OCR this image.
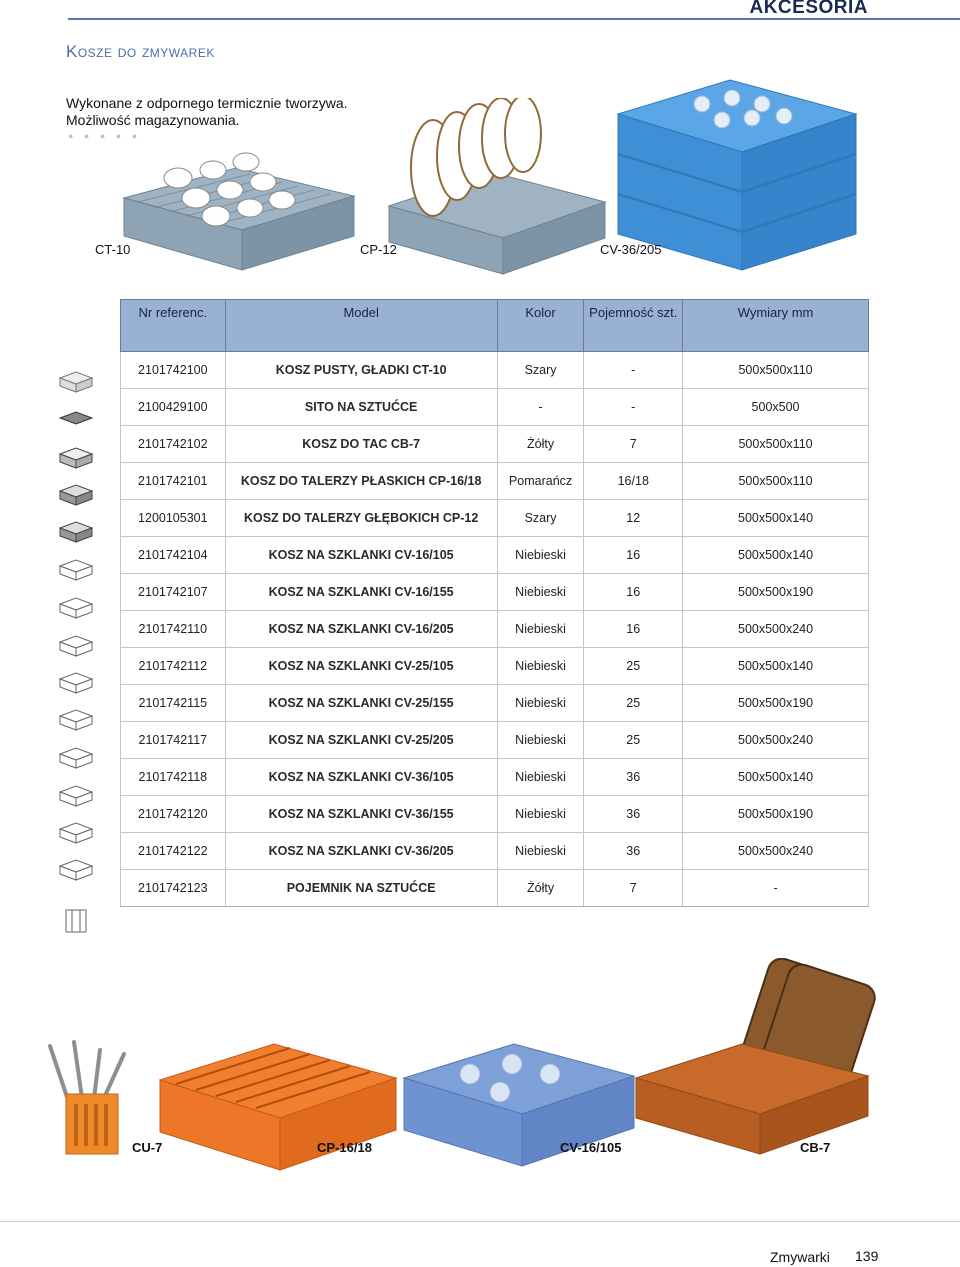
AKCESORIA
Kosze do zmywarek
Wykonane z odpornego termicznie tworzywa.
Możliwość magazynowania.
● ● ● ● ●
CT-10	CP-12	CV-36/205
Nr referenc.	Model	Kolor	Pojemność szt.	Wymiary mm
2101742100	KOSZ PUSTY, GŁADKI CT-10	Szary	-	500x500x110
2100429100	SITO NA SZTUĆCE	-	-	500x500
2101742102	KOSZ DO TAC CB-7	Żółty	7	500x500x110
2101742101	KOSZ DO TALERZY PŁASKICH CP-16/18	Pomarańcz	16/18	500x500x110
1200105301	KOSZ DO TALERZY GŁĘBOKICH CP-12	Szary	12	500x500x140
2101742104	KOSZ NA SZKLANKI CV-16/105	Niebieski	16	500x500x140
2101742107	KOSZ NA SZKLANKI CV-16/155	Niebieski	16	500x500x190
2101742110	KOSZ NA SZKLANKI CV-16/205	Niebieski	16	500x500x240
2101742112	KOSZ NA SZKLANKI CV-25/105	Niebieski	25	500x500x140
2101742115	KOSZ NA SZKLANKI CV-25/155	Niebieski	25	500x500x190
2101742117	KOSZ NA SZKLANKI CV-25/205	Niebieski	25	500x500x240
2101742118	KOSZ NA SZKLANKI CV-36/105	Niebieski	36	500x500x140
2101742120	KOSZ NA SZKLANKI CV-36/155	Niebieski	36	500x500x190
2101742122	KOSZ NA SZKLANKI CV-36/205	Niebieski	36	500x500x240
2101742123	POJEMNIK NA SZTUĆCE	Żółty	7	-
CU-7	CP-16/18	CV-16/105	CB-7
Zmywarki 139
